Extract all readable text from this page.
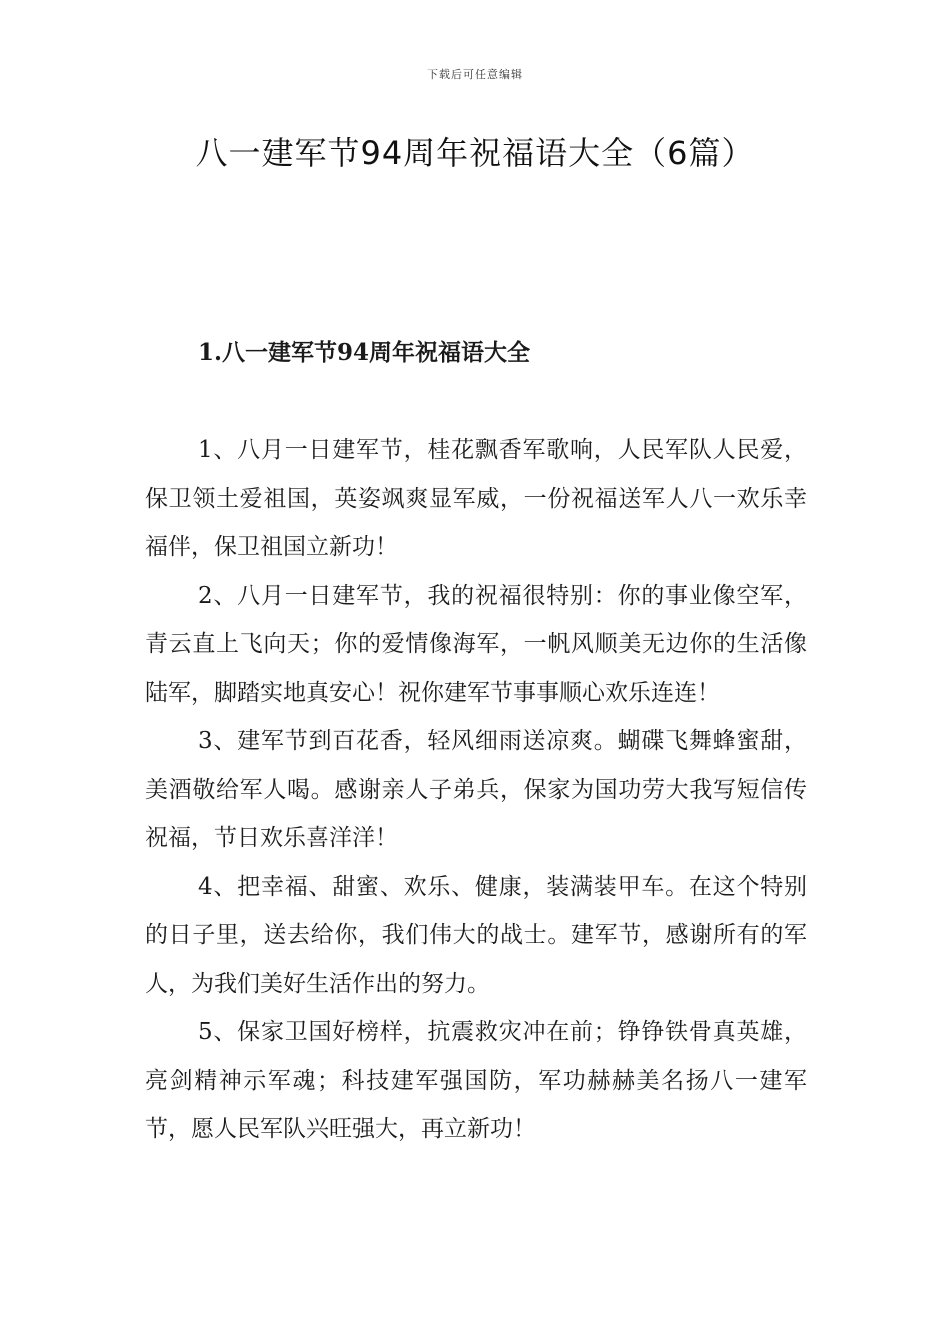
下载后可任意编辑
八一建军节94周年祝福语大全（6篇）
1.八一建军节94周年祝福语大全

1、八月一日建军节，桂花飘香军歌响，人民军队人民爱，保卫领土爱祖国，英姿飒爽显军威，一份祝福送军人八一欢乐幸福伴，保卫祖国立新功！

2、八月一日建军节，我的祝福很特别：你的事业像空军，青云直上飞向天；你的爱情像海军，一帆风顺美无边你的生活像陆军，脚踏实地真安心！祝你建军节事事顺心欢乐连连！

3、建军节到百花香，轻风细雨送凉爽。蝴碟飞舞蜂蜜甜，美酒敬给军人喝。感谢亲人子弟兵，保家为国功劳大我写短信传祝福，节日欢乐喜洋洋！

4、把幸福、甜蜜、欢乐、健康，装满装甲车。在这个特别的日子里，送去给你，我们伟大的战士。建军节，感谢所有的军人，为我们美好生活作出的努力。

5、保家卫国好榜样，抗震救灾冲在前；铮铮铁骨真英雄，亮剑精神示军魂；科技建军强国防，军功赫赫美名扬八一建军节，愿人民军队兴旺强大，再立新功！
